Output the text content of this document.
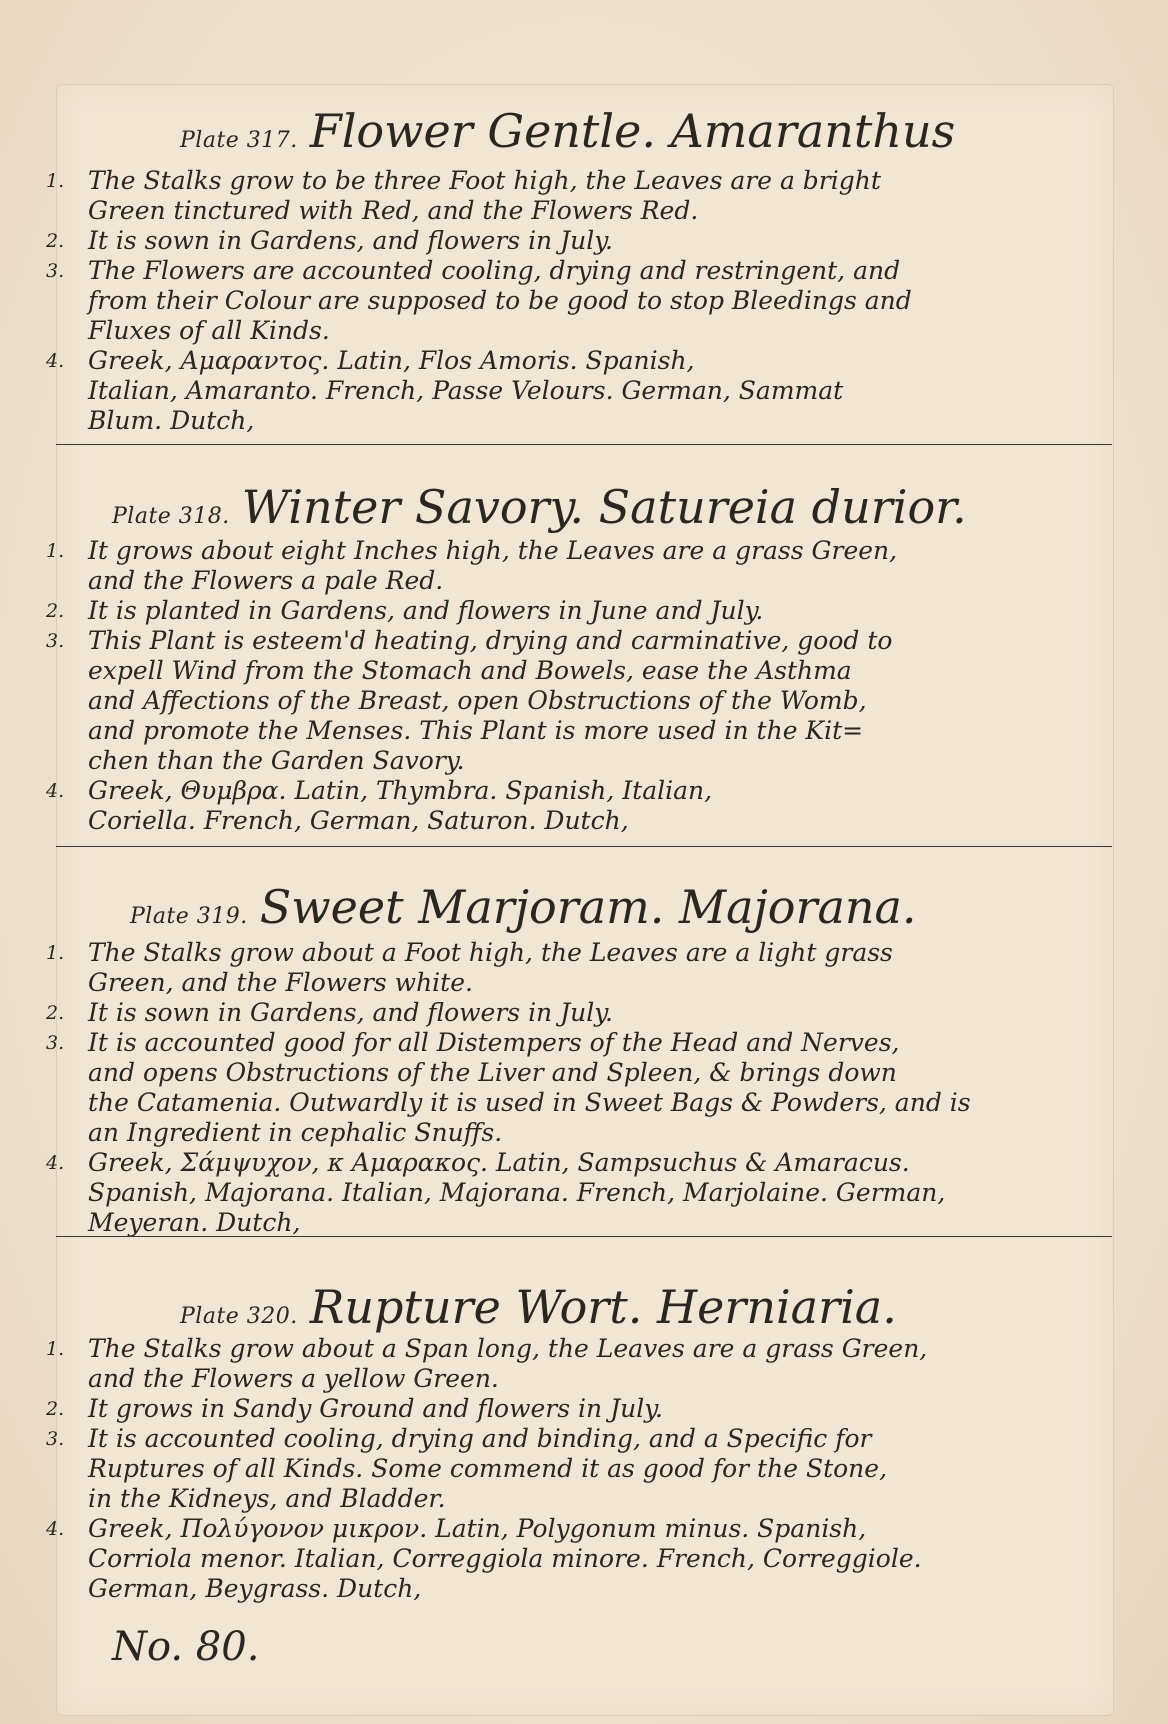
Plate 317. Flower Gentle. Amaranthus
1. The Stalks grow to be three Foot high, the Leaves are a bright
Green tinctured with Red, and the Flowers Red.
2. It is sown in Gardens, and flowers in July.
3. The Flowers are accounted cooling, drying and restringent, and
from their Colour are supposed to be good to stop Bleedings and
Fluxes of all Kinds.
4. Greek, Αμαραντος. Latin, Flos Amoris. Spanish,
Italian, Amaranto. French, Passe Velours. German, Sammat
Blum. Dutch,
Plate 318. Winter Savory. Satureia durior.
1. It grows about eight Inches high, the Leaves are a grass Green,
and the Flowers a pale Red.
2. It is planted in Gardens, and flowers in June and July.
3. This Plant is esteem'd heating, drying and carminative, good to
expell Wind from the Stomach and Bowels, ease the Asthma
and Affections of the Breast, open Obstructions of the Womb,
and promote the Menses. This Plant is more used in the Kit=
chen than the Garden Savory.
4. Greek, Θυμβρα. Latin, Thymbra. Spanish, Italian,
Coriella. French, German, Saturon. Dutch,
Plate 319. Sweet Marjoram. Majorana.
1. The Stalks grow about a Foot high, the Leaves are a light grass
Green, and the Flowers white.
2. It is sown in Gardens, and flowers in July.
3. It is accounted good for all Distempers of the Head and Nerves,
and opens Obstructions of the Liver and Spleen, & brings down
the Catamenia. Outwardly it is used in Sweet Bags & Powders, and is
an Ingredient in cephalic Snuffs.
4. Greek, Σάμψυχον, κ Αμαρακος. Latin, Sampsuchus & Amaracus.
Spanish, Majorana. Italian, Majorana. French, Marjolaine. German,
Meyeran. Dutch,
Plate 320. Rupture Wort. Herniaria.
1. The Stalks grow about a Span long, the Leaves are a grass Green,
and the Flowers a yellow Green.
2. It grows in Sandy Ground and flowers in July.
3. It is accounted cooling, drying and binding, and a Specific for
Ruptures of all Kinds. Some commend it as good for the Stone,
in the Kidneys, and Bladder.
4. Greek, Πολύγονον μικρον. Latin, Polygonum minus. Spanish,
Corriola menor. Italian, Correggiola minore. French, Correggiole.
German, Beygrass. Dutch,
No. 80.
